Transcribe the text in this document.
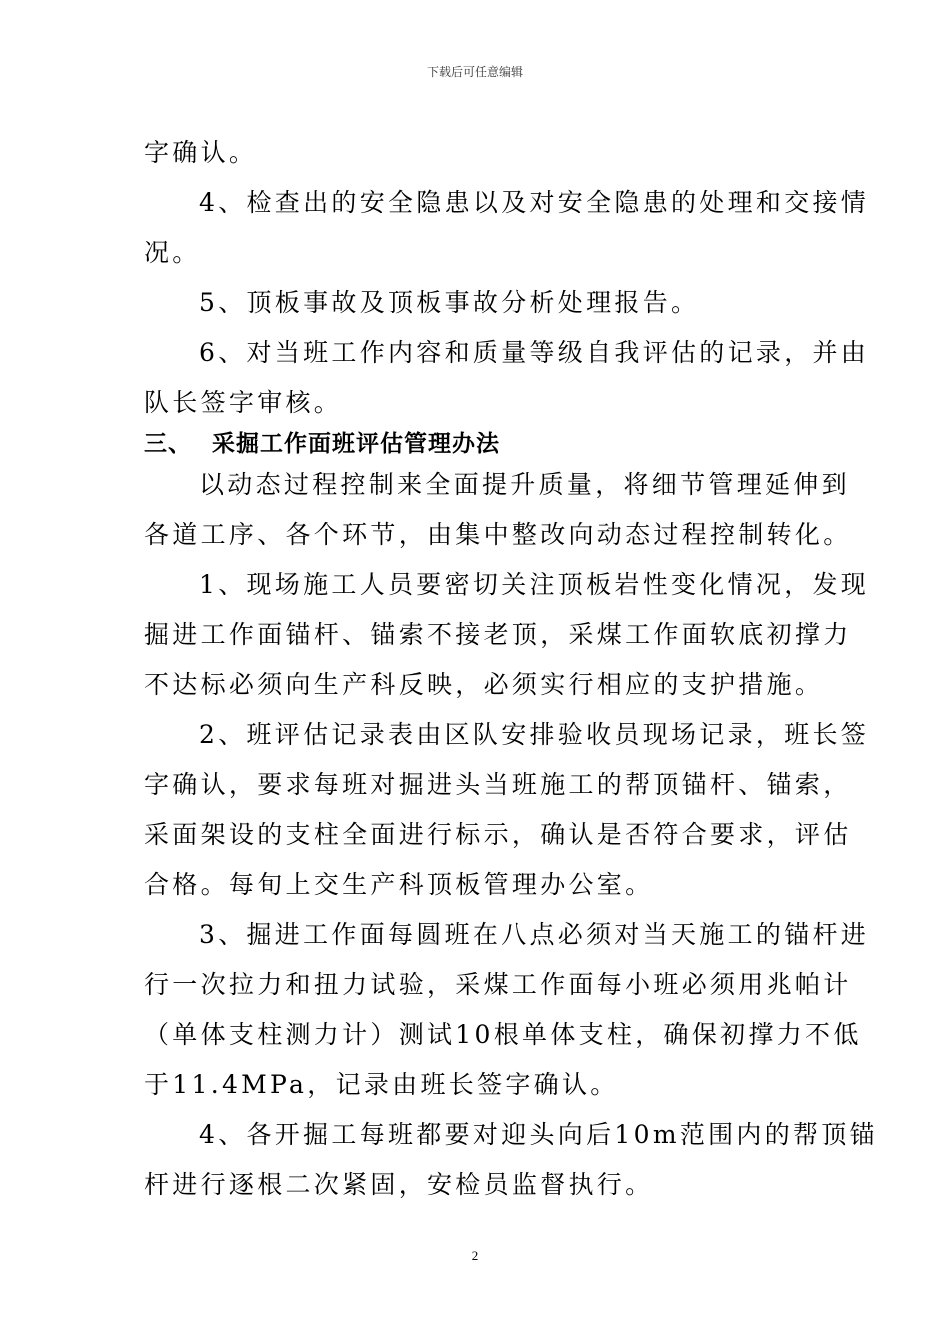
下载后可任意编辑

字确认。

4、检查出的安全隐患以及对安全隐患的处理和交接情

况。

5、顶板事故及顶板事故分析处理报告。

6、对当班工作内容和质量等级自我评估的记录，并由

队长签字审核。

三、 采掘工作面班评估管理办法

以动态过程控制来全面提升质量，将细节管理延伸到

各道工序、各个环节，由集中整改向动态过程控制转化。

1、现场施工人员要密切关注顶板岩性变化情况，发现

掘进工作面锚杆、锚索不接老顶，采煤工作面软底初撑力

不达标必须向生产科反映，必须实行相应的支护措施。

2、班评估记录表由区队安排验收员现场记录，班长签

字确认，要求每班对掘进头当班施工的帮顶锚杆、锚索，

采面架设的支柱全面进行标示，确认是否符合要求，评估

合格。每旬上交生产科顶板管理办公室。

3、掘进工作面每圆班在八点必须对当天施工的锚杆进

行一次拉力和扭力试验，采煤工作面每小班必须用兆帕计

（单体支柱测力计）测试10根单体支柱，确保初撑力不低

于11.4MPa，记录由班长签字确认。

4、各开掘工每班都要对迎头向后10m范围内的帮顶锚

杆进行逐根二次紧固，安检员监督执行。

2
